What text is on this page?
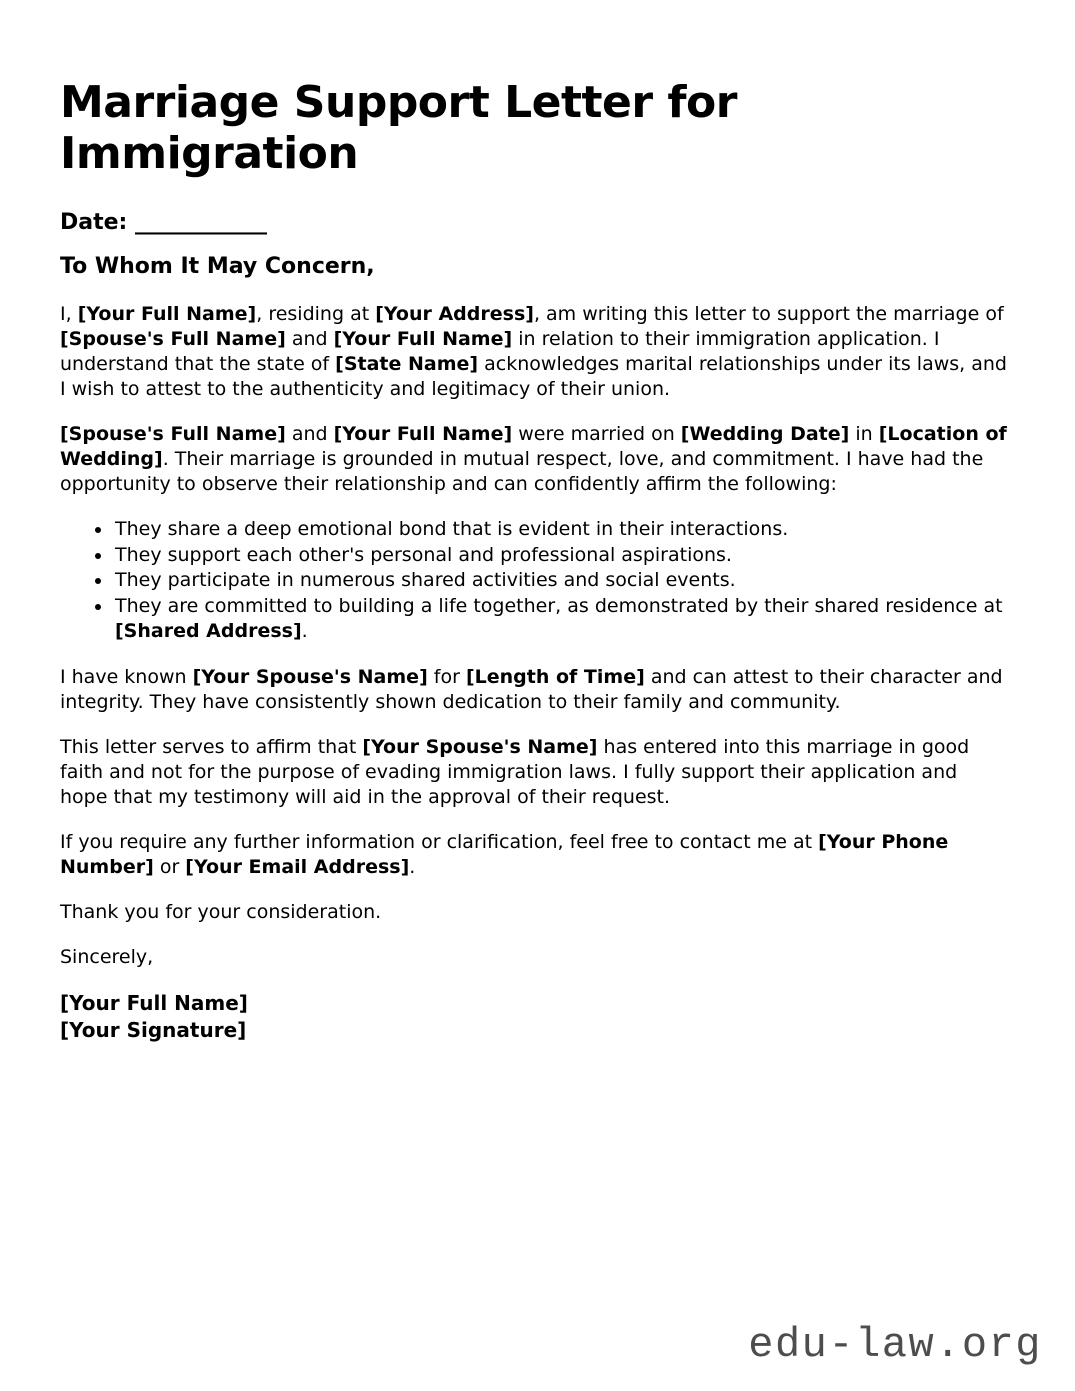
Marriage Support Letter for Immigration

Date: ____________

To Whom It May Concern,

I, [Your Full Name], residing at [Your Address], am writing this letter to support the marriage of [Spouse's Full Name] and [Your Full Name] in relation to their immigration application. I understand that the state of [State Name] acknowledges marital relationships under its laws, and I wish to attest to the authenticity and legitimacy of their union.

[Spouse's Full Name] and [Your Full Name] were married on [Wedding Date] in [Location of Wedding]. Their marriage is grounded in mutual respect, love, and commitment. I have had the opportunity to observe their relationship and can confidently affirm the following:

• They share a deep emotional bond that is evident in their interactions.
• They support each other's personal and professional aspirations.
• They participate in numerous shared activities and social events.
• They are committed to building a life together, as demonstrated by their shared residence at [Shared Address].

I have known [Your Spouse's Name] for [Length of Time] and can attest to their character and integrity. They have consistently shown dedication to their family and community.

This letter serves to affirm that [Your Spouse's Name] has entered into this marriage in good faith and not for the purpose of evading immigration laws. I fully support their application and hope that my testimony will aid in the approval of their request.

If you require any further information or clarification, feel free to contact me at [Your Phone Number] or [Your Email Address].

Thank you for your consideration.

Sincerely,

[Your Full Name]
[Your Signature]

edu-law.org
